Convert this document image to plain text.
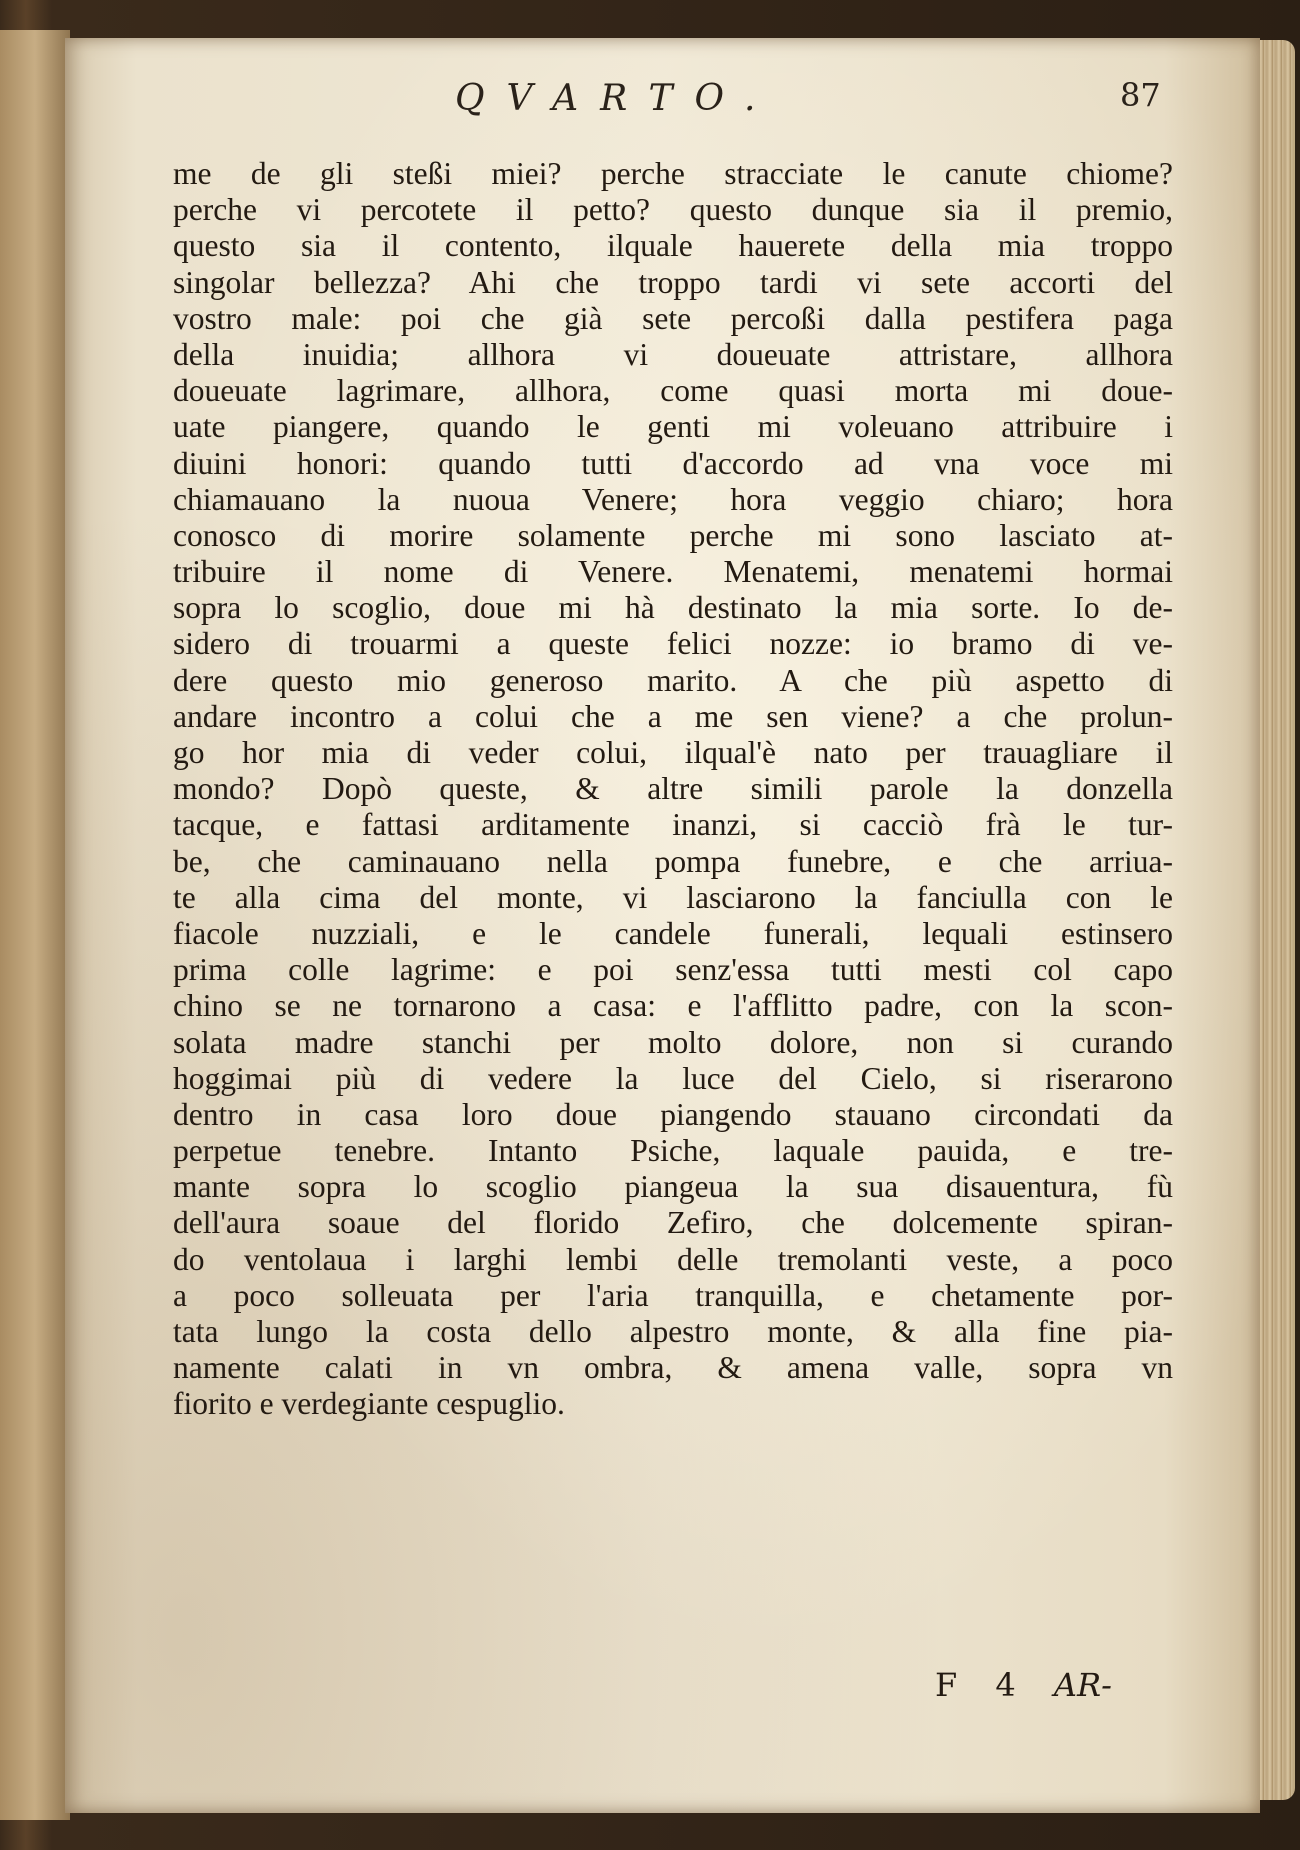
QVARTO.	87
me de gli steßi miei? perche stracciate le canute chiome?
perche vi percotete il petto? questo dunque sia il premio,
questo sia il contento, ilquale hauerete della mia troppo
singolar bellezza? Ahi che troppo tardi vi sete accorti del
vostro male: poi che già sete percoßi dalla pestifera paga
della inuidia; allhora vi doueuate attristare, allhora
doueuate lagrimare, allhora, come quasi morta mi doue-
uate piangere, quando le genti mi voleuano attribuire i
diuini honori: quando tutti d'accordo ad vna voce mi
chiamauano la nuoua Venere; hora veggio chiaro; hora
conosco di morire solamente perche mi sono lasciato at-
tribuire il nome di Venere. Menatemi, menatemi hormai
sopra lo scoglio, doue mi hà destinato la mia sorte. Io de-
sidero di trouarmi a queste felici nozze: io bramo di ve-
dere questo mio generoso marito. A che più aspetto di
andare incontro a colui che a me sen viene? a che prolun-
go hor mia di veder colui, ilqual'è nato per trauagliare il
mondo? Dopò queste, & altre simili parole la donzella
tacque, e fattasi arditamente inanzi, si cacciò frà le tur-
be, che caminauano nella pompa funebre, e che arriua-
te alla cima del monte, vi lasciarono la fanciulla con le
fiacole nuzziali, e le candele funerali, lequali estinsero
prima colle lagrime: e poi senz'essa tutti mesti col capo
chino se ne tornarono a casa: e l'afflitto padre, con la scon-
solata madre stanchi per molto dolore, non si curando
hoggimai più di vedere la luce del Cielo, si riserarono
dentro in casa loro doue piangendo stauano circondati da
perpetue tenebre. Intanto Psiche, laquale pauida, e tre-
mante sopra lo scoglio piangeua la sua disauentura, fù
dell'aura soaue del florido Zefiro, che dolcemente spiran-
do ventolaua i larghi lembi delle tremolanti veste, a poco
a poco solleuata per l'aria tranquilla, e chetamente por-
tata lungo la costa dello alpestro monte, & alla fine pia-
namente calati in vn ombra, & amena valle, sopra vn
fiorito e verdegiante cespuglio.
F 4 AR-
